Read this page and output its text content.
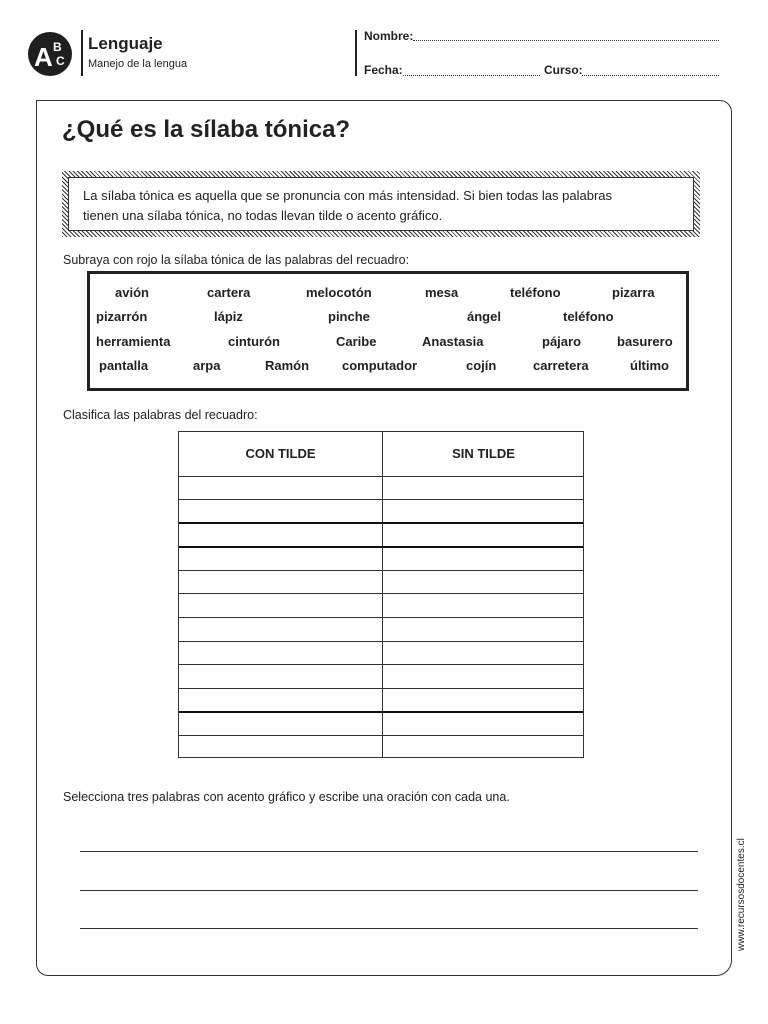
A B
C
Lenguaje
Manejo de la lengua
Nombre:
Fecha:	Curso:
¿Qué es la sílaba tónica?
La sílaba tónica es aquella que se pronuncia con más intensidad. Si bien todas las palabras
tienen una sílaba tónica, no todas llevan tilde o acento gráfico.
Subraya con rojo la sílaba tónica de las palabras del recuadro:
avión	cartera	melocotón	mesa	teléfono	pizarra
pizarrón	lápiz	pinche	ángel	teléfono
herramienta	cinturón	Caribe	Anastasia	pájaro	basurero
pantalla	arpa	Ramón	computador	cojín	carretera	último
Clasifica las palabras del recuadro:
CON TILDE	SIN TILDE
Selecciona tres palabras con acento gráfico y escribe una oración con cada una.
www.recursosdocentes.cl
